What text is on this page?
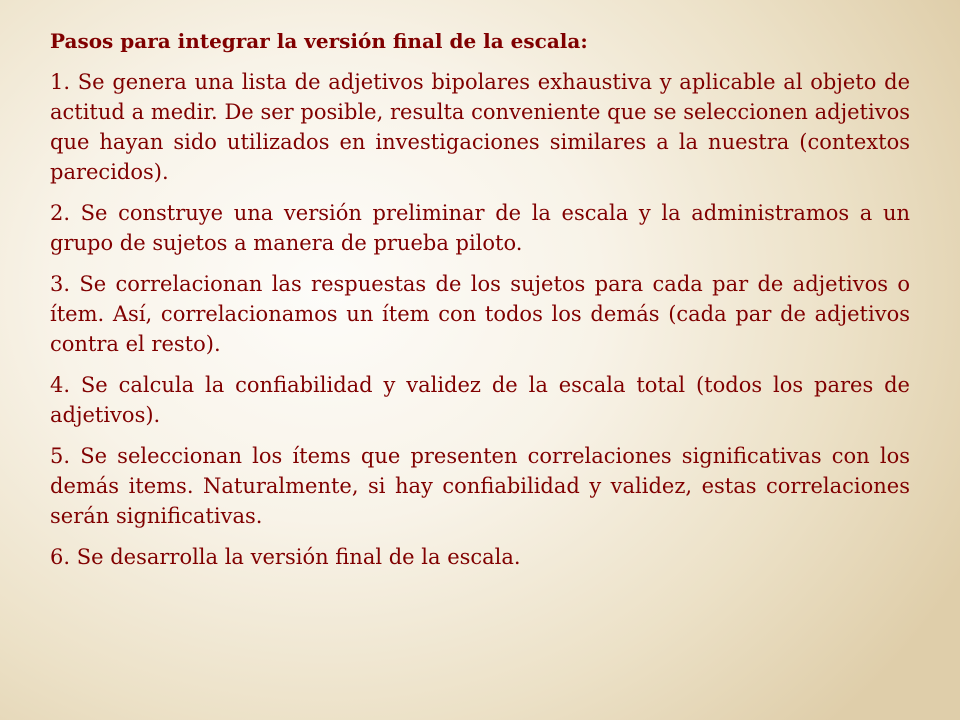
Pasos para integrar la versión final de la escala:

1. Se genera una lista de adjetivos bipolares exhaustiva y aplicable al objeto de actitud a medir. De ser posible, resulta conveniente que se seleccionen adjetivos que hayan sido utilizados en investigaciones similares a la nuestra (contextos parecidos).

2. Se construye una versión preliminar de la escala y la administramos a un grupo de sujetos a manera de prueba piloto.

3. Se correlacionan las respuestas de los sujetos para cada par de adjetivos o ítem. Así, correlacionamos un ítem con todos los demás (cada par de adjetivos contra el resto).

4. Se calcula la confiabilidad y validez de la escala total (todos los pares de adjetivos).

5. Se seleccionan los ítems que presenten correlaciones significativas con los demás items. Naturalmente, si hay confiabilidad y validez, estas correlaciones serán significativas.

6. Se desarrolla la versión final de la escala.
